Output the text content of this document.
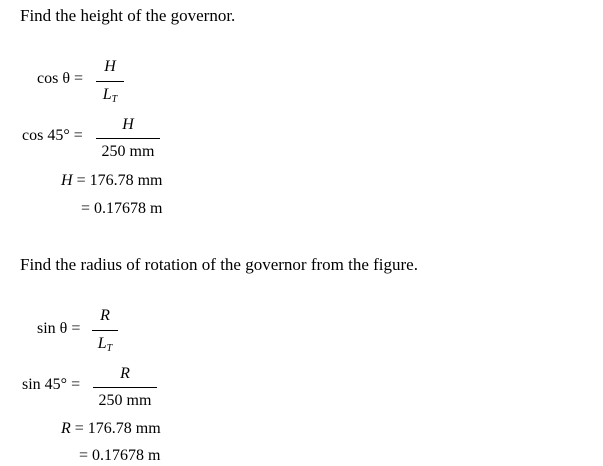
Find the height of the governor.
cos θ =
H
$L_T$
cos 45° =
H
250 mm
H = 176.78 mm
= 0.17678 m
Find the radius of rotation of the governor from the figure.
sin θ =
R
$L_T$
sin 45° =
R
250 mm
R = 176.78 mm
= 0.17678 m
